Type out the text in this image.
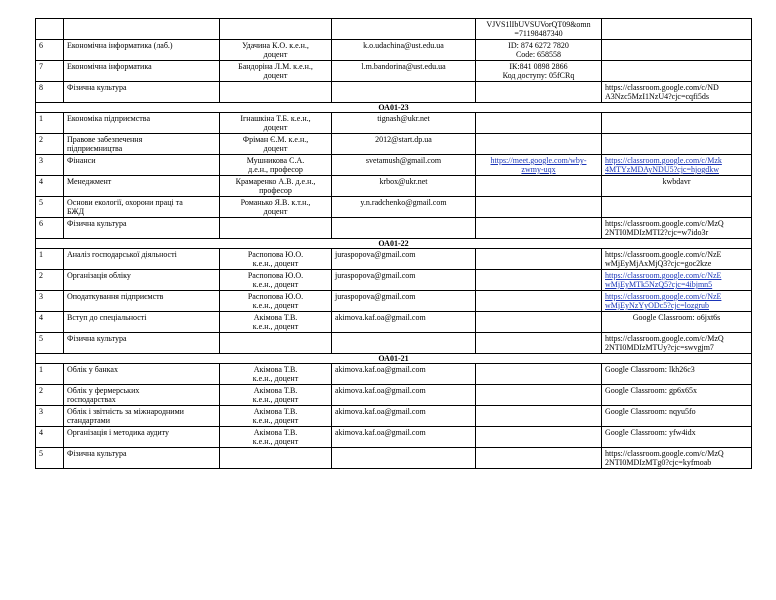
				VJVS1lIbUVSUVorQT09&omn
=71198487340	
6	Економічна інформатика (лаб.)	Удачина К.О. к.е.н.,
доцент	k.o.udachina@ust.edu.ua	ID: 874 6272 7820
Code: 658558	
7	Економічна інформатика	Бандоріна Л.М. к.е.н.,
доцент	l.m.bandorina@ust.edu.ua	ІК:841 0898 2866
Код доступу: 05fCRq	
8	Фізична культура				https://classroom.google.com/c/ND
A3Nzc5MzI1NzU4?cjc=cqfi5ds
ОА01-23					
1	Економіка підприємства	Ігнашкіна Т.Б. к.е.н.,
доцент	tignash@ukr.net		
2	Правове забезпечення
підприємництва	Фріман Є.М. к.е.н.,
доцент	2012@start.dp.ua		
3	Фінанси	Мушникова С.А.
д.е.н., професор	svetamush@gmail.com	https://meet.google.com/wby-
zwmy-uqx	https://classroom.google.com/c/Mzk
4MTYzMDAyNDU5?cjc=hjogdkw
4	Менеджмент	Крамаренко А.В. д.е.н.,
професор	krbox@ukr.net		kwbdavr
5	Основи екології, охорони праці та
БЖД	Романько Я.В. к.т.н.,
доцент	y.n.radchenko@gmail.com		
6	Фізична культура				https://classroom.google.com/c/MzQ
2NTI0MDIzMTI2?cjc=w7ido3r
ОА01-22					
1	Аналіз господарської діяльності	Распопова Ю.О.
к.е.н., доцент	juraspopova@gmail.com		https://classroom.google.com/c/NzE
wMjEyMjAxMjQ3?cjc=goc2kze
2	Організація обліку	Распопова Ю.О.
к.е.н., доцент	juraspopova@gmail.com		https://classroom.google.com/c/NzE
wMjEyMTk5NzQ5?cjc=4ibjmn5
3	Оподаткування підприємств	Распопова Ю.О.
к.е.н., доцент	juraspopova@gmail.com		https://classroom.google.com/c/NzE
wMjEyNzYyODc5?cjc=lozgrub
4	Вступ до спеціальності	Акімова Т.В.
к.е.н., доцент	akimova.kaf.oa@gmail.com		Google Classroom: o6jxt6s
5	Фізична культура				https://classroom.google.com/c/MzQ
2NTI0MDIzMTUy?cjc=swvgjm7
ОА01-21					
1	Облік у банках	Акімова Т.В.
к.е.н., доцент	akimova.kaf.oa@gmail.com		Google Classroom: lkh26c3
2	Облік у фермерських
господарствах	Акімова Т.В.
к.е.н., доцент	akimova.kaf.oa@gmail.com		Google Classroom: gp6x65x
3	Облік і звітність за міжнародними
стандартами	Акімова Т.В.
к.е.н., доцент	akimova.kaf.oa@gmail.com		Google Classroom: nqyu5fo
4	Організація і методика аудиту	Акімова Т.В.
к.е.н., доцент	akimova.kaf.oa@gmail.com		Google Classroom: yfw4idx
5	Фізична культура				https://classroom.google.com/c/MzQ
2NTI0MDIzMTg0?cjc=kyfmoab
